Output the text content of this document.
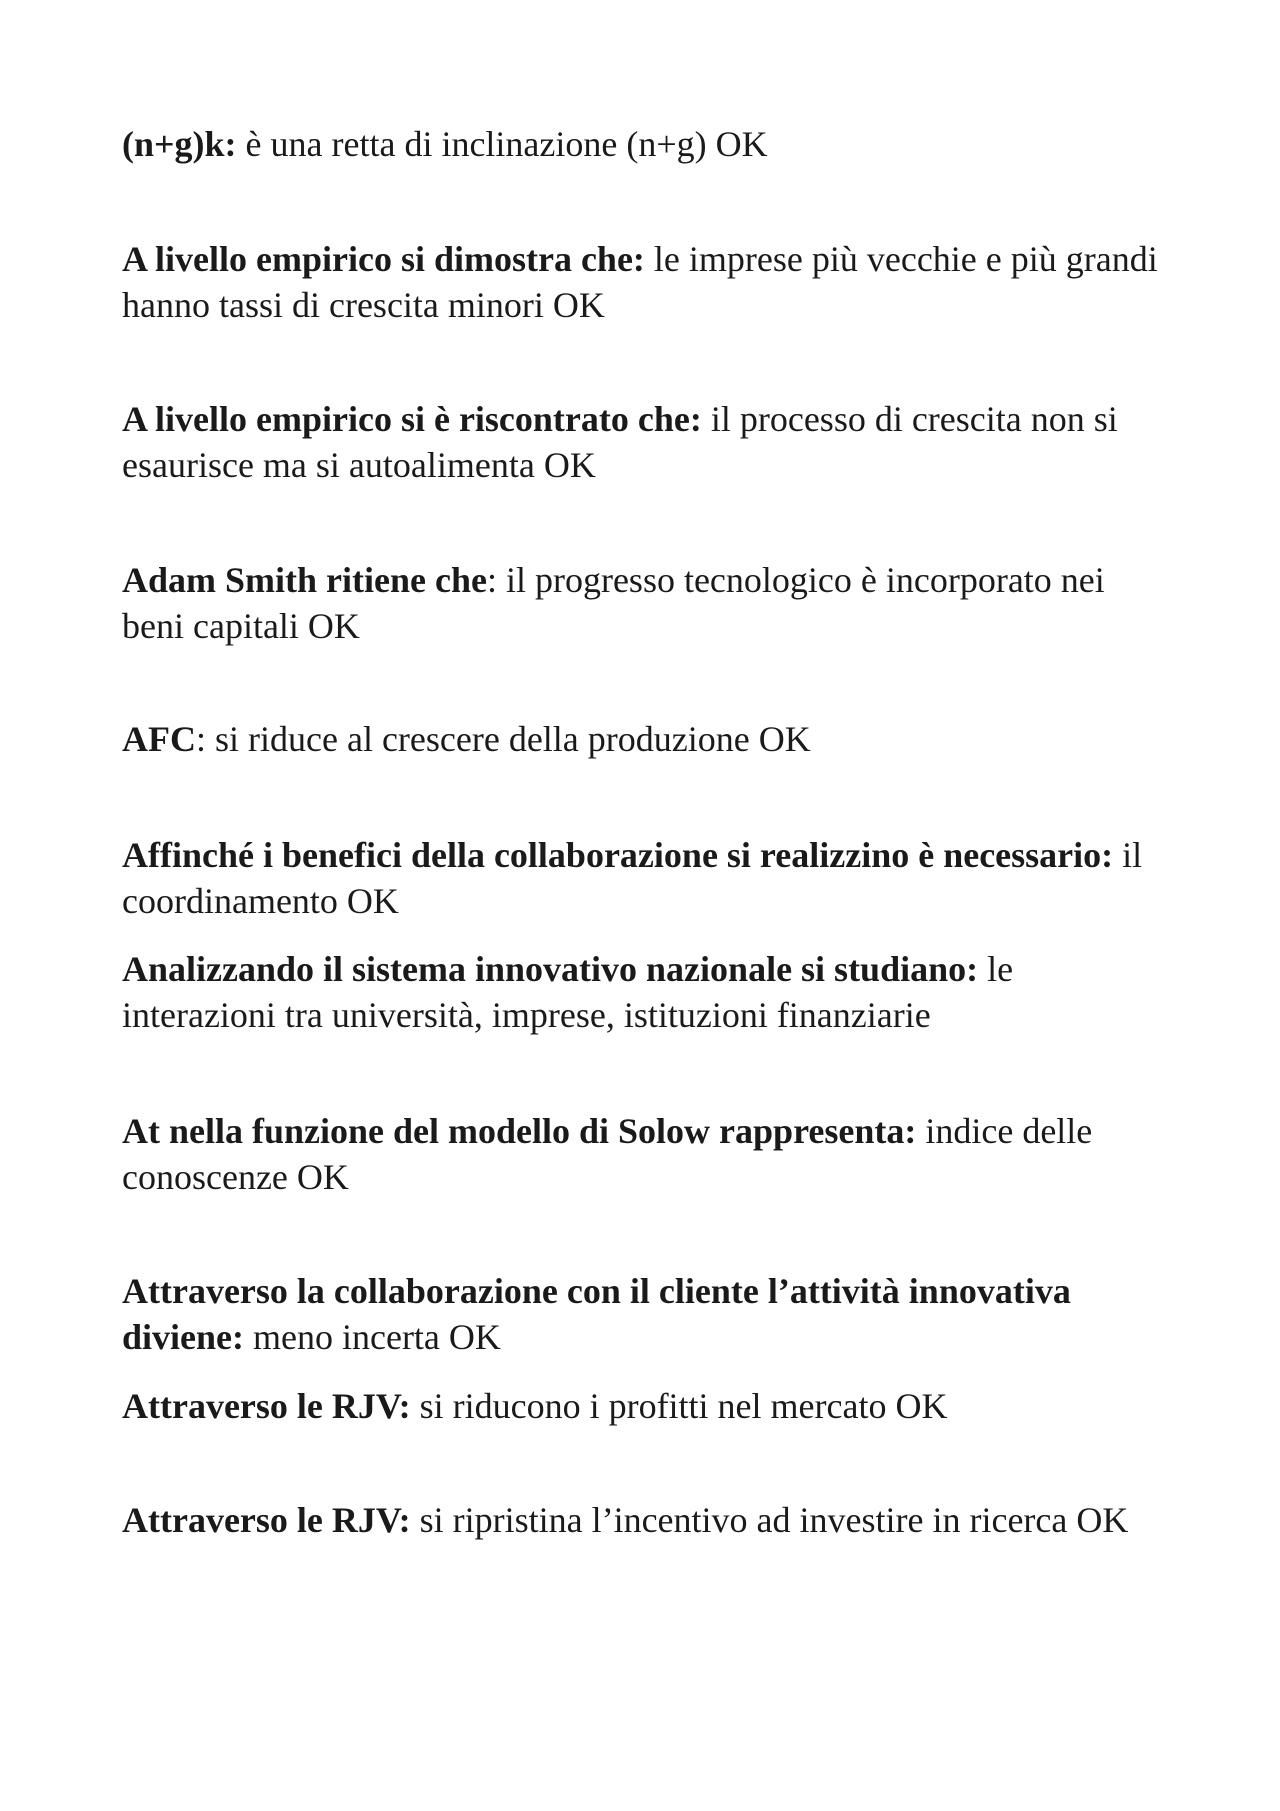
(n+g)k: è una retta di inclinazione (n+g) OK

A livello empirico si dimostra che: le imprese più vecchie e più grandi hanno tassi di crescita minori OK

A livello empirico si è riscontrato che: il processo di crescita non si esaurisce ma si autoalimenta OK

Adam Smith ritiene che: il progresso tecnologico è incorporato nei beni capitali OK

AFC: si riduce al crescere della produzione OK

Affinché i benefici della collaborazione si realizzino è necessario: il coordinamento OK

Analizzando il sistema innovativo nazionale si studiano: le interazioni tra università, imprese, istituzioni finanziarie

At nella funzione del modello di Solow rappresenta: indice delle conoscenze OK

Attraverso la collaborazione con il cliente l’attività innovativa diviene: meno incerta OK

Attraverso le RJV: si riducono i profitti nel mercato OK

Attraverso le RJV: si ripristina l’incentivo ad investire in ricerca OK
